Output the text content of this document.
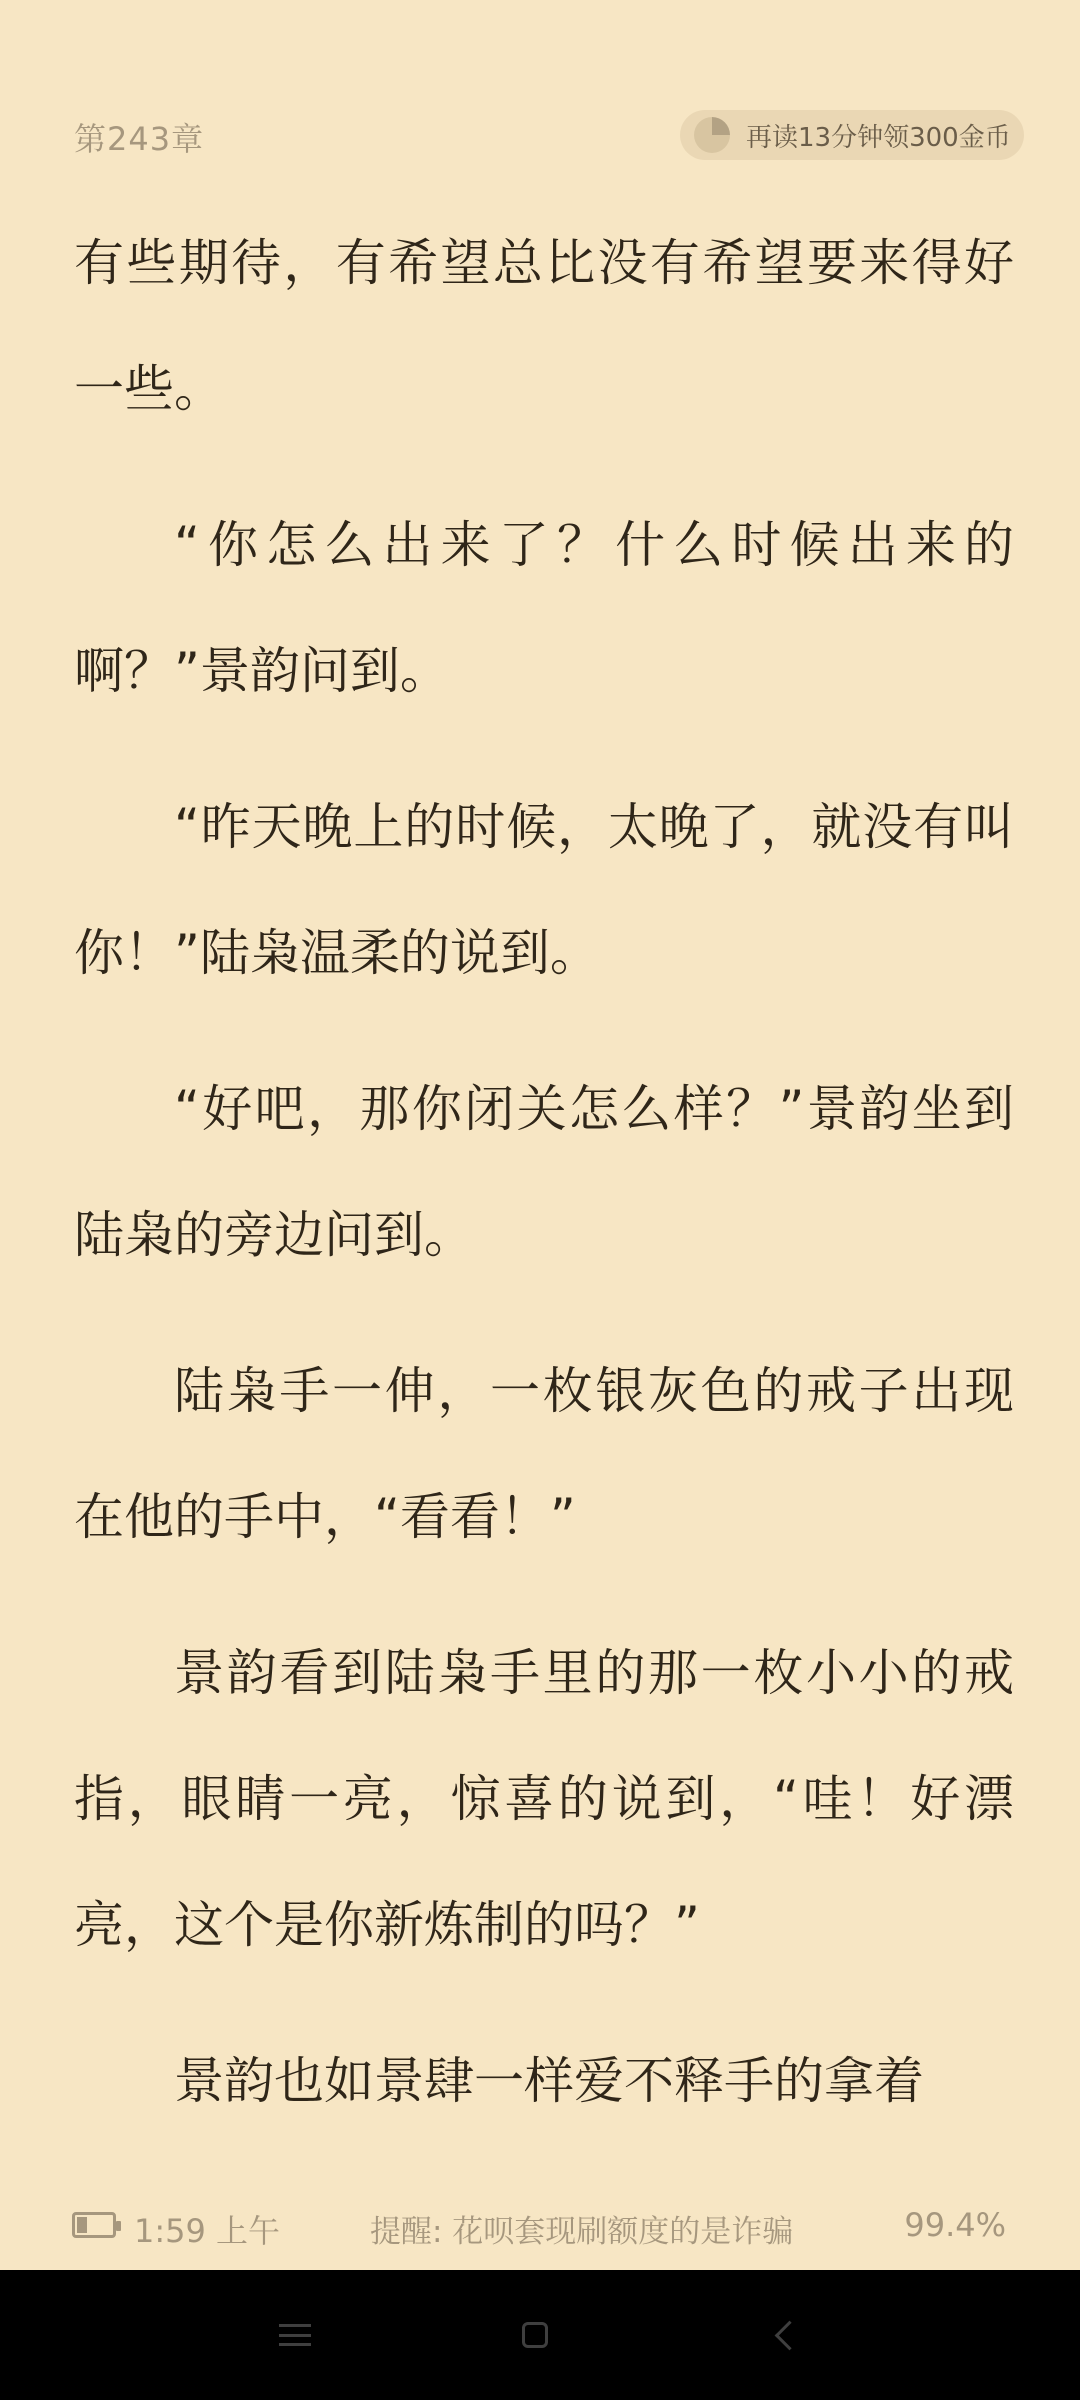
第243章	再读13分钟领300金币

有些期待，有希望总比没有希望要来得好一些。

“你怎么出来了？什么时候出来的啊？”景韵问到。

“昨天晚上的时候，太晚了，就没有叫你！”陆枭温柔的说到。

“好吧，那你闭关怎么样？”景韵坐到陆枭的旁边问到。

陆枭手一伸，一枚银灰色的戒子出现在他的手中，“看看！”

景韵看到陆枭手里的那一枚小小的戒指，眼睛一亮，惊喜的说到，“哇！好漂亮，这个是你新炼制的吗？”

景韵也如景肆一样爱不释手的拿着

1:59 上午	提醒: 花呗套现刷额度的是诈骗	99.4%
